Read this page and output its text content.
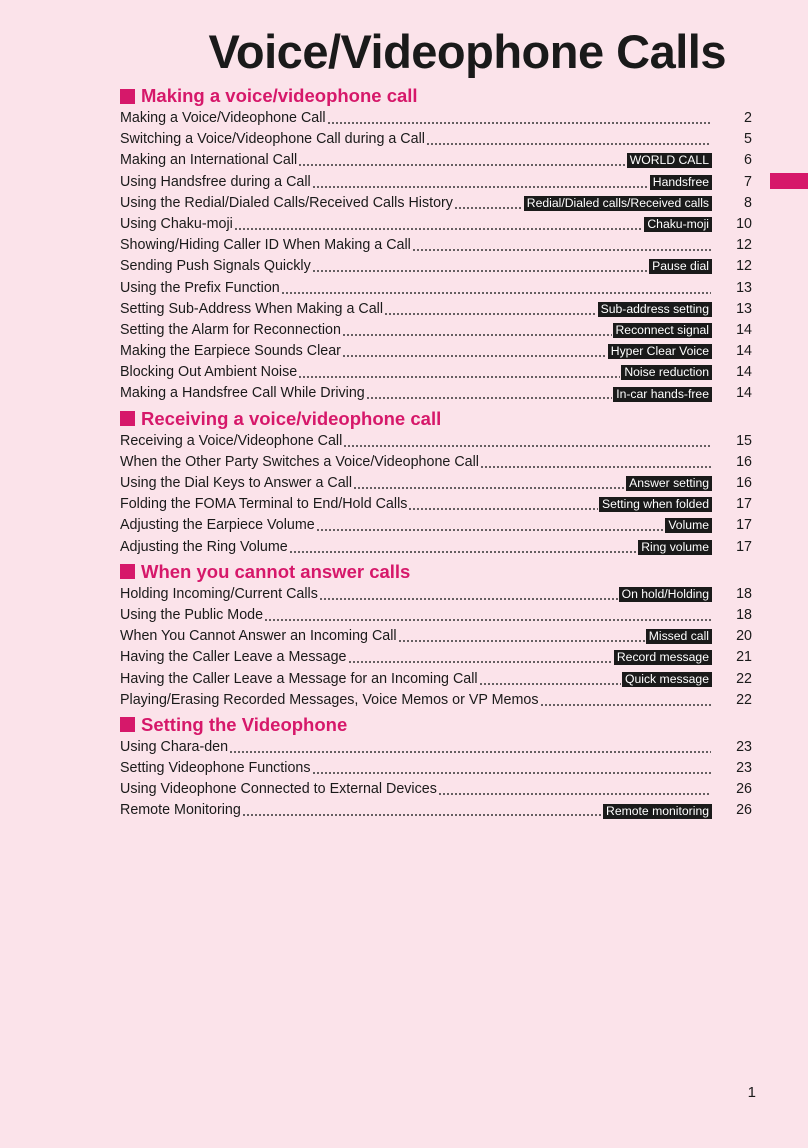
Voice/Videophone Calls
Making a voice/videophone call
Making a Voice/Videophone Call	2
Switching a Voice/Videophone Call during a Call	5
Making an International Call	WORLD CALL	6
Using Handsfree during a Call	Handsfree	7
Using the Redial/Dialed Calls/Received Calls History	Redial/Dialed calls/Received calls	8
Using Chaku-moji	Chaku-moji	10
Showing/Hiding Caller ID When Making a Call	12
Sending Push Signals Quickly	Pause dial	12
Using the Prefix Function	13
Setting Sub-Address When Making a Call	Sub-address setting	13
Setting the Alarm for Reconnection	Reconnect signal	14
Making the Earpiece Sounds Clear	Hyper Clear Voice	14
Blocking Out Ambient Noise	Noise reduction	14
Making a Handsfree Call While Driving	In-car hands-free	14
Receiving a voice/videophone call
Receiving a Voice/Videophone Call	15
When the Other Party Switches a Voice/Videophone Call	16
Using the Dial Keys to Answer a Call	Answer setting	16
Folding the FOMA Terminal to End/Hold Calls	Setting when folded	17
Adjusting the Earpiece Volume	Volume	17
Adjusting the Ring Volume	Ring volume	17
When you cannot answer calls
Holding Incoming/Current Calls	On hold/Holding	18
Using the Public Mode	18
When You Cannot Answer an Incoming Call	Missed call	20
Having the Caller Leave a Message	Record message	21
Having the Caller Leave a Message for an Incoming Call	Quick message	22
Playing/Erasing Recorded Messages, Voice Memos or VP Memos	22
Setting the Videophone
Using Chara-den	23
Setting Videophone Functions	23
Using Videophone Connected to External Devices	26
Remote Monitoring	Remote monitoring	26
1
